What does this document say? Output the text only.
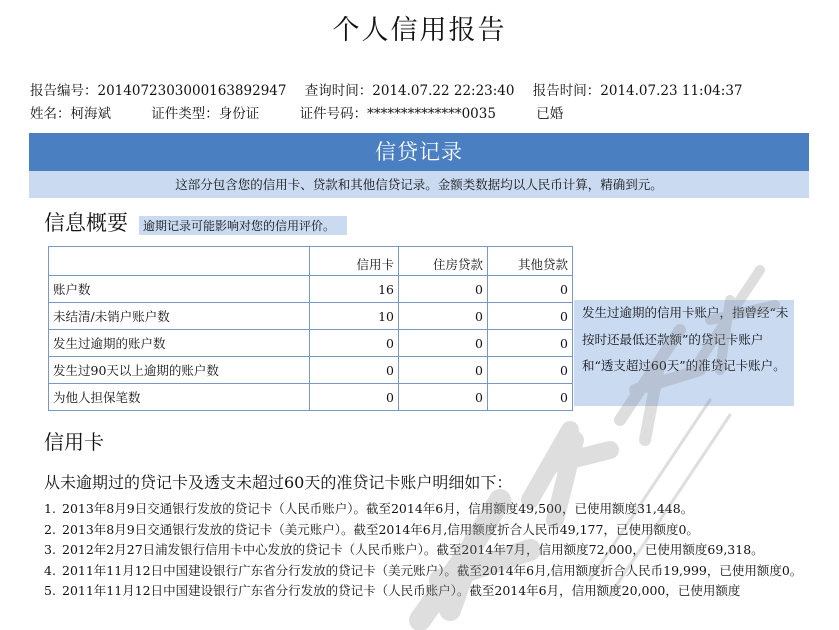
个人信用报告
报告编号：2014072303000163892947 查询时间：2014.07.22 22:23:40 报告时间：2014.07.23 11:04:37
姓名：柯海斌	证件类型：身份证	证件号码：**************0035	已婚
信贷记录
这部分包含您的信用卡、贷款和其他信贷记录。金额类数据均以人民币计算，精确到元。
信息概要	逾期记录可能影响对您的信用评价。
	信用卡	住房贷款	其他贷款
账户数	16	0	0
未结清/未销户账户数	10	0	0
发生过逾期的账户数	0	0	0
发生过90天以上逾期的账户数	0	0	0
为他人担保笔数	0	0	0
发生过逾期的信用卡账户，指曾经“未按时还最低还款额”的贷记卡账户和“透支超过60天”的准贷记卡账户。
信用卡
从未逾期过的贷记卡及透支未超过60天的准贷记卡账户明细如下：
1. 2013年8月9日交通银行发放的贷记卡（人民币账户）。截至2014年6月，信用额度49,500，已使用额度31,448。
2. 2013年8月9日交通银行发放的贷记卡（美元账户）。截至2014年6月,信用额度折合人民币49,177，已使用额度0。
3. 2012年2月27日浦发银行信用卡中心发放的贷记卡（人民币账户）。截至2014年7月，信用额度72,000，已使用额度69,318。
4. 2011年11月12日中国建设银行广东省分行发放的贷记卡（美元账户）。截至2014年6月,信用额度折合人民币19,999，已使用额度0。
5. 2011年11月12日中国建设银行广东省分行发放的贷记卡（人民币账户）。截至2014年6月，信用额度20,000，已使用额度
